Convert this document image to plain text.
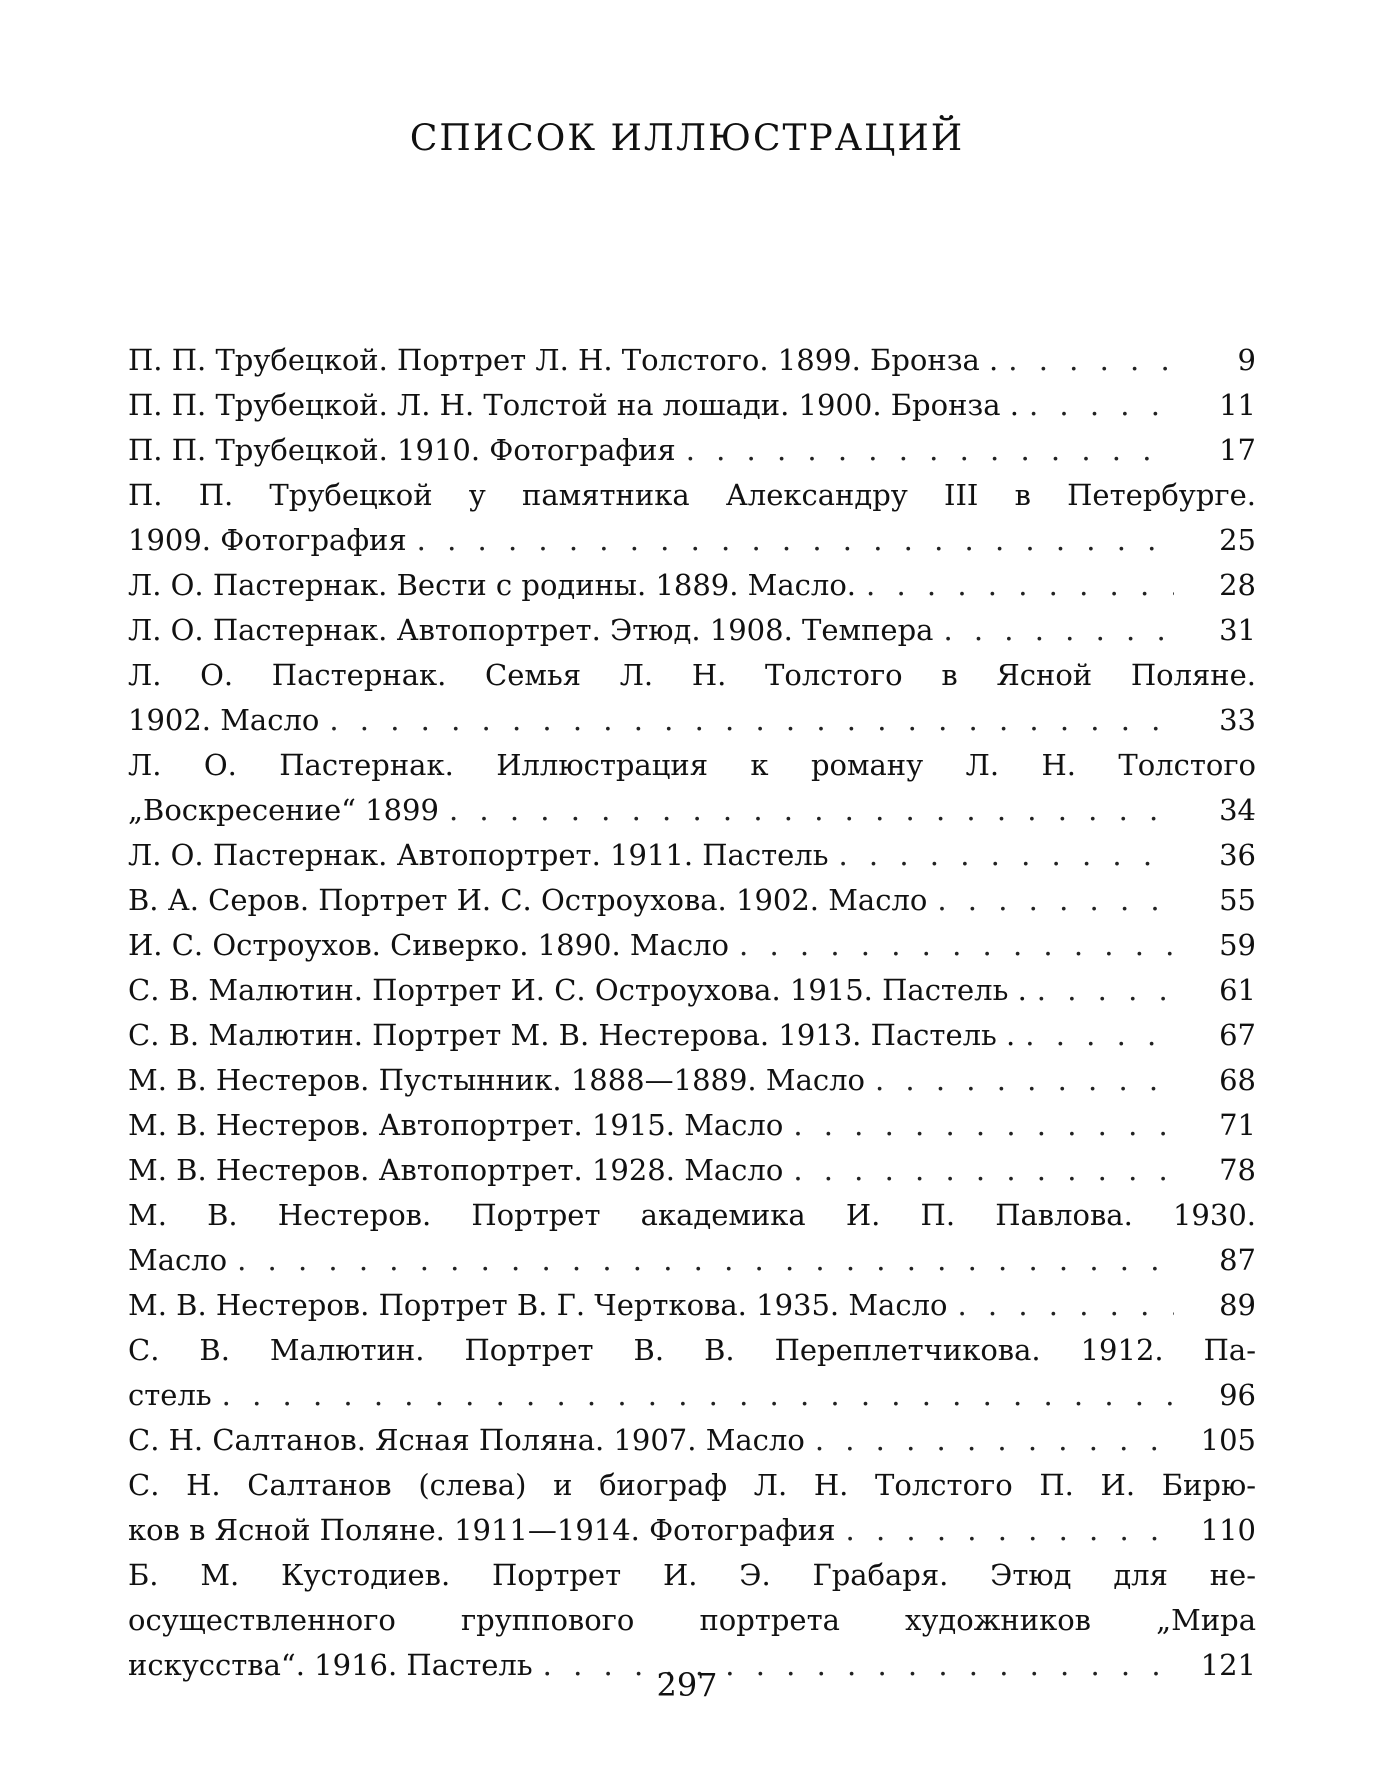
СПИСОК ИЛЛЮСТРАЦИЙ
П. П. Трубецкой. Портрет Л. Н. Толстого. 1899. Бронза . . . .	9
П. П. Трубецкой. Л. Н. Толстой на лошади. 1900. Бронза . . . .	11
П. П. Трубецкой. 1910. Фотография . . .	17
П. П. Трубецкой у памятника Александру III в Петербурге.
1909. Фотография . . .	25
Л. О. Пастернак. Вести с родины. 1889. Масло. . . .	28
Л. О. Пастернак. Автопортрет. Этюд. 1908. Темпера . . .	31
Л. О. Пастернак. Семья Л. Н. Толстого в Ясной Поляне.
1902. Масло . . .	33
Л. О. Пастернак. Иллюстрация к роману Л. Н. Толстого
„Воскресение“ 1899 . . .	34
Л. О. Пастернак. Автопортрет. 1911. Пастель . . .	36
В. А. Серов. Портрет И. С. Остроухова. 1902. Масло . . .	55
И. С. Остроухов. Сиверко. 1890. Масло . . .	59
С. В. Малютин. Портрет И. С. Остроухова. 1915. Пастель . . . .	61
С. В. Малютин. Портрет М. В. Нестерова. 1913. Пастель . . . .	67
М. В. Нестеров. Пустынник. 1888—1889. Масло . . .	68
М. В. Нестеров. Автопортрет. 1915. Масло . . .	71
М. В. Нестеров. Автопортрет. 1928. Масло . . .	78
М. В. Нестеров. Портрет академика И. П. Павлова. 1930.
Масло . . .	87
М. В. Нестеров. Портрет В. Г. Черткова. 1935. Масло . . .	89
С. В. Малютин. Портрет В. В. Переплетчикова. 1912. Па-
стель . . .	96
С. Н. Салтанов. Ясная Поляна. 1907. Масло . . .	105
С. Н. Салтанов (слева) и биограф Л. Н. Толстого П. И. Бирю-
ков в Ясной Поляне. 1911—1914. Фотография . . .	110
Б. М. Кустодиев. Портрет И. Э. Грабаря. Этюд для не-
осуществленного группового портрета художников „Мира
искусства“. 1916. Пастель . . .	121
297
